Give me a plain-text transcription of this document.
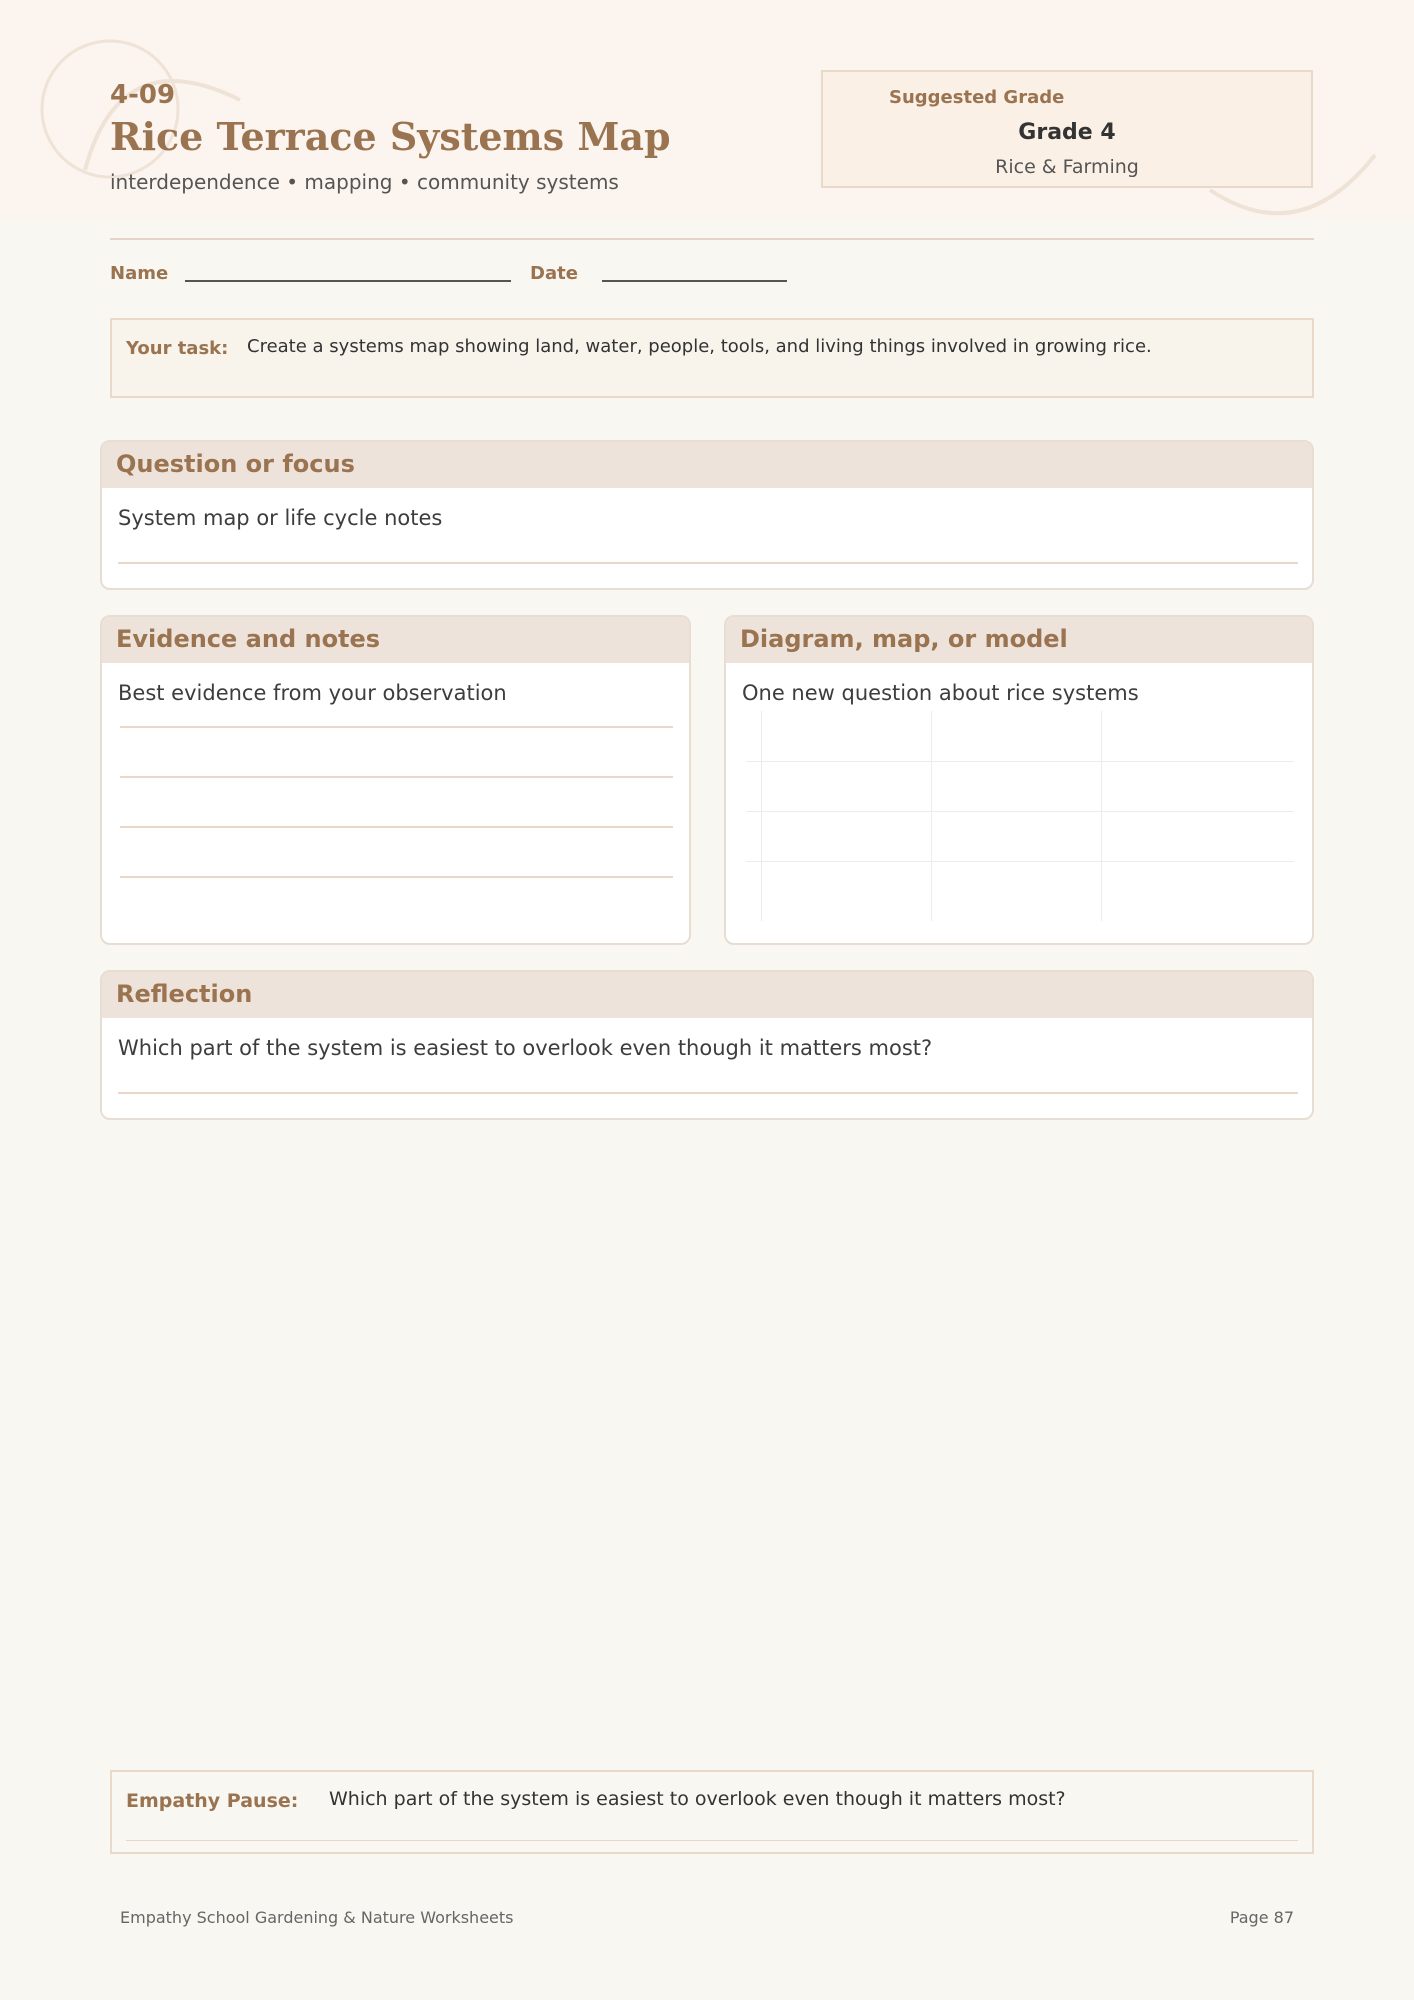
4-09
Rice Terrace Systems Map
interdependence • mapping • community systems
Suggested Grade
Grade 4
Rice & Farming
Name	Date
Your task: Create a systems map showing land, water, people, tools, and living things involved in growing rice.
Question or focus
System map or life cycle notes
Evidence and notes
Best evidence from your observation
Diagram, map, or model
One new question about rice systems
Reflection
Which part of the system is easiest to overlook even though it matters most?
Empathy Pause: Which part of the system is easiest to overlook even though it matters most?
Empathy School Gardening & Nature Worksheets	Page 87
